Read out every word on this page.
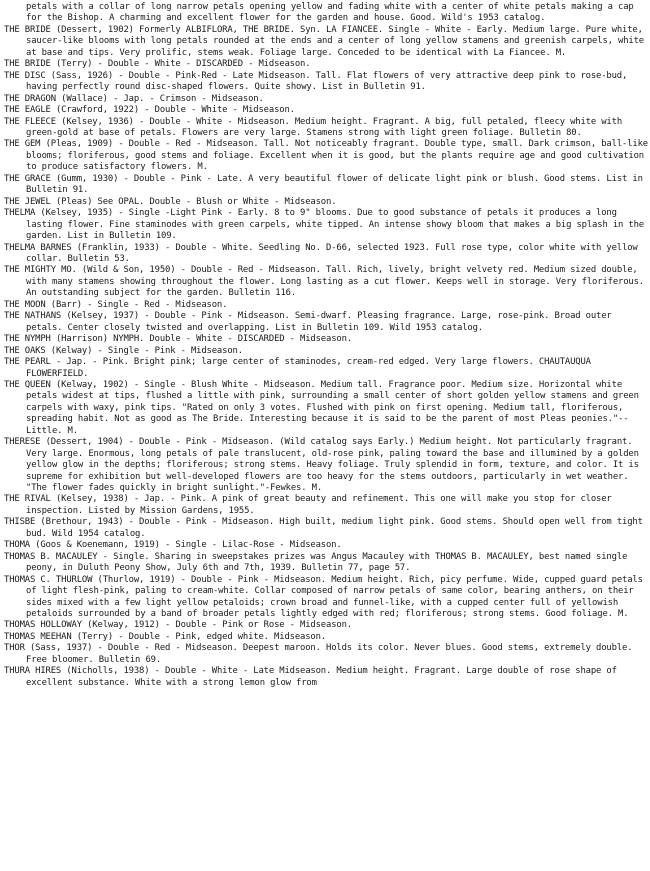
petals with a collar of long narrow petals opening yellow and fading white with a center of white petals making a cap for the Bishop. A charming and excellent flower for the garden and house. Good. Wild's 1953 catalog.

THE BRIDE (Dessert, 1902) Formerly ALBIFLORA, THE BRIDE. Syn. LA FIANCEE. Single - White - Early. Medium large. Pure white, saucer-like blooms with long petals rounded at the ends and a center of long yellow stamens and greenish carpels, white at base and tips. Very prolific, stems weak. Foliage large. Conceded to be identical with La Fiancee. M.

THE BRIDE (Terry) - Double - White - DISCARDED - Midseason.

THE DISC (Sass, 1926) - Double - Pink-Red - Late Midseason. Tall. Flat flowers of very attractive deep pink to rose-bud, having perfectly round disc-shaped flowers. Quite showy. List in Bulletin 91.

THE DRAGON (Wallace) - Jap. - Crimson - Midseason.

THE EAGLE (Crawford, 1922) - Double - White - Midseason.

THE FLEECE (Kelsey, 1936) - Double - White - Midseason. Medium height. Fragrant. A big, full petaled, fleecy white with green-gold at base of petals. Flowers are very large. Stamens strong with light green foliage. Bulletin 80.

THE GEM (Pleas, 1909) - Double - Red - Midseason. Tall. Not noticeably fragrant. Double type, small. Dark crimson, ball-like blooms; floriferous, good stems and foliage. Excellent when it is good, but the plants require age and good cultivation to produce satisfactory flowers. M.

THE GRACE (Gumm, 1930) - Double - Pink - Late. A very beautiful flower of delicate light pink or blush. Good stems. List in Bulletin 91.

THE JEWEL (Pleas) See OPAL. Double - Blush or White - Midseason.

THELMA (Kelsey, 1935) - Single -Light Pink - Early. 8 to 9" blooms. Due to good substance of petals it produces a long lasting flower. Fine staminodes with green carpels, white tipped. An intense showy bloom that makes a big splash in the garden. List in Bulletin 109.

THELMA BARNES (Franklin, 1933) - Double - White. Seedling No. D-66, selected 1923. Full rose type, color white with yellow collar. Bulletin 53.

THE MIGHTY MO. (Wild & Son, 1950) - Double - Red - Midseason. Tall. Rich, lively, bright velvety red. Medium sized double, with many stamens showing throughout the flower. Long lasting as a cut flower. Keeps well in storage. Very floriferous. An outstanding subject for the garden. Bulletin 116.

THE MOON (Barr) - Single - Red - Midseason.

THE NATHANS (Kelsey, 1937) - Double - Pink - Midseason. Semi-dwarf. Pleasing fragrance. Large, rose-pink. Broad outer petals. Center closely twisted and overlapping. List in Bulletin 109. Wild 1953 catalog.

THE NYMPH (Harrison) NYMPH. Double - White - DISCARDED - Midseason.

THE OAKS (Kelway) - Single - Pink - Midseason.

THE PEARL - Jap. - Pink. Bright pink; large center of staminodes, cream-red edged. Very large flowers. CHAUTAUQUA FLOWERFIELD.

THE QUEEN (Kelway, 1902) - Single - Blush White - Midseason. Medium tall. Fragrance poor. Medium size. Horizontal white petals widest at tips, flushed a little with pink, surrounding a small center of short golden yellow stamens and green carpels with waxy, pink tips. "Rated on only 3 votes. Flushed with pink on first opening. Medium tall, floriferous, spreading habit. Not as good as The Bride. Interesting because it is said to be the parent of most Pleas peonies."--Little. M.

THERESE (Dessert, 1904) - Double - Pink - Midseason. (Wild catalog says Early.) Medium height. Not particularly fragrant. Very large. Enormous, long petals of pale translucent, old-rose pink, paling toward the base and illumined by a golden yellow glow in the depths; floriferous; strong stems. Heavy foliage. Truly splendid in form, texture, and color. It is supreme for exhibition but well-developed flowers are too heavy for the stems outdoors, particularly in wet weather. "The flower fades quickly in bright sunlight."-Fewkes. M.

THE RIVAL (Kelsey, 1938) - Jap. - Pink. A pink of great beauty and refinement. This one will make you stop for closer inspection. Listed by Mission Gardens, 1955.

THISBE (Brethour, 1943) - Double - Pink - Midseason. High built, medium light pink. Good stems. Should open well from tight bud. Wild 1954 catalog.

THOMA (Goos & Koenemann, 1919) - Single - Lilac-Rose - Midseason.

THOMAS B. MACAULEY - Single. Sharing in sweepstakes prizes was Angus Macauley with THOMAS B. MACAULEY, best named single peony, in Duluth Peony Show, July 6th and 7th, 1939. Bulletin 77, page 57.

THOMAS C. THURLOW (Thurlow, 1919) - Double - Pink - Midseason. Medium height. Rich, picy perfume. Wide, cupped guard petals of light flesh-pink, paling to cream-white. Collar composed of narrow petals of same color, bearing anthers, on their sides mixed with a few light yellow petaloids; crown broad and funnel-like, with a cupped center full of yellowish petaloids surrounded by a band of broader petals lightly edged with red; floriferous; strong stems. Good foliage. M.

THOMAS HOLLOWAY (Kelway, 1912) - Double - Pink or Rose - Midseason.

THOMAS MEEHAN (Terry) - Double - Pink, edged white. Midseason.

THOR (Sass, 1937) - Double - Red - Midseason. Deepest maroon. Holds its color. Never blues. Good stems, extremely double. Free bloomer. Bulletin 69.

THURA HIRES (Nicholls, 1938) - Double - White - Late Midseason. Medium height. Fragrant. Large double of rose shape of excellent substance. White with a strong lemon glow from
